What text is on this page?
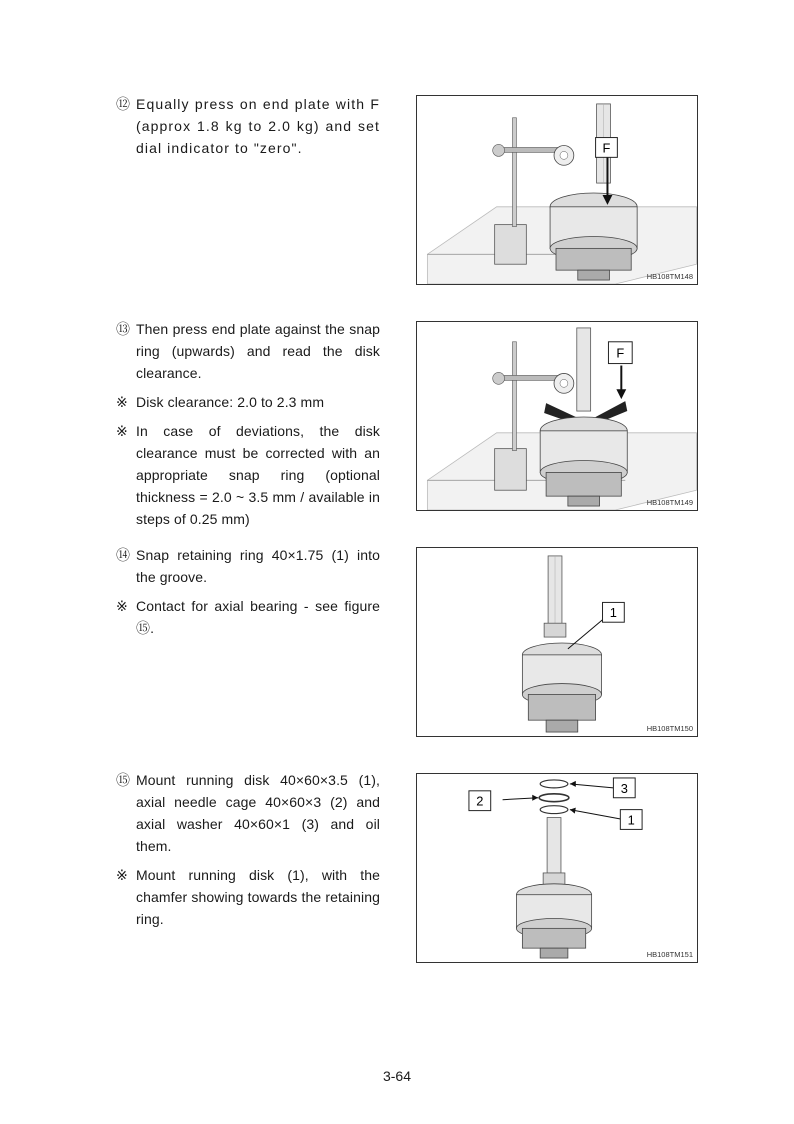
⑫ Equally press on end plate with F (approx 1.8 kg to 2.0 kg) and set dial indicator to "zero".	F
HB108TM148
⑬ Then press end plate against the snap ring (upwards) and read the disk clearance.
※ Disk clearance: 2.0 to 2.3 mm
※ In case of deviations, the disk clearance must be corrected with an appropriate snap ring (optional thickness = 2.0 ~ 3.5 mm / available in steps of 0.25 mm)
F
HB108TM149
⑭ Snap retaining ring 40×1.75 (1) into the groove.
※ Contact for axial bearing - see figure ⑮.
1
HB108TM150
⑮ Mount running disk 40×60×3.5 (1), axial needle cage 40×60×3 (2) and axial washer 40×60×1 (3) and oil them.
※ Mount running disk (1), with the chamfer showing towards the retaining ring.
3
2
1
HB108TM151
3-64
